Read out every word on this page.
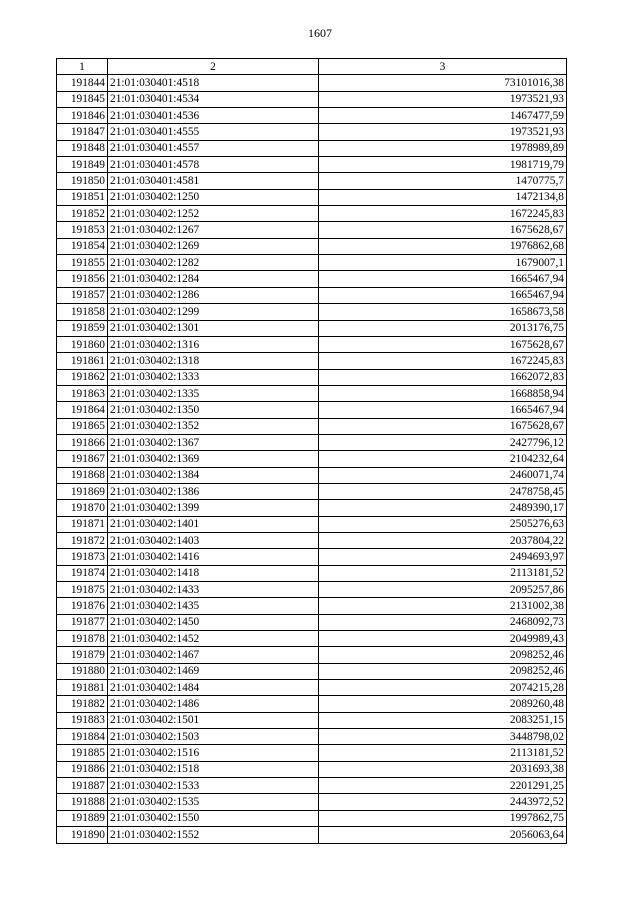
1607
1	2	3
191844	21:01:030401:4518	73101016,38
191845	21:01:030401:4534	1973521,93
191846	21:01:030401:4536	1467477,59
191847	21:01:030401:4555	1973521,93
191848	21:01:030401:4557	1978989,89
191849	21:01:030401:4578	1981719,79
191850	21:01:030401:4581	1470775,7
191851	21:01:030402:1250	1472134,8
191852	21:01:030402:1252	1672245,83
191853	21:01:030402:1267	1675628,67
191854	21:01:030402:1269	1976862,68
191855	21:01:030402:1282	1679007,1
191856	21:01:030402:1284	1665467,94
191857	21:01:030402:1286	1665467,94
191858	21:01:030402:1299	1658673,58
191859	21:01:030402:1301	2013176,75
191860	21:01:030402:1316	1675628,67
191861	21:01:030402:1318	1672245,83
191862	21:01:030402:1333	1662072,83
191863	21:01:030402:1335	1668858,94
191864	21:01:030402:1350	1665467,94
191865	21:01:030402:1352	1675628,67
191866	21:01:030402:1367	2427796,12
191867	21:01:030402:1369	2104232,64
191868	21:01:030402:1384	2460071,74
191869	21:01:030402:1386	2478758,45
191870	21:01:030402:1399	2489390,17
191871	21:01:030402:1401	2505276,63
191872	21:01:030402:1403	2037804,22
191873	21:01:030402:1416	2494693,97
191874	21:01:030402:1418	2113181,52
191875	21:01:030402:1433	2095257,86
191876	21:01:030402:1435	2131002,38
191877	21:01:030402:1450	2468092,73
191878	21:01:030402:1452	2049989,43
191879	21:01:030402:1467	2098252,46
191880	21:01:030402:1469	2098252,46
191881	21:01:030402:1484	2074215,28
191882	21:01:030402:1486	2089260,48
191883	21:01:030402:1501	2083251,15
191884	21:01:030402:1503	3448798,02
191885	21:01:030402:1516	2113181,52
191886	21:01:030402:1518	2031693,38
191887	21:01:030402:1533	2201291,25
191888	21:01:030402:1535	2443972,52
191889	21:01:030402:1550	1997862,75
191890	21:01:030402:1552	2056063,64
